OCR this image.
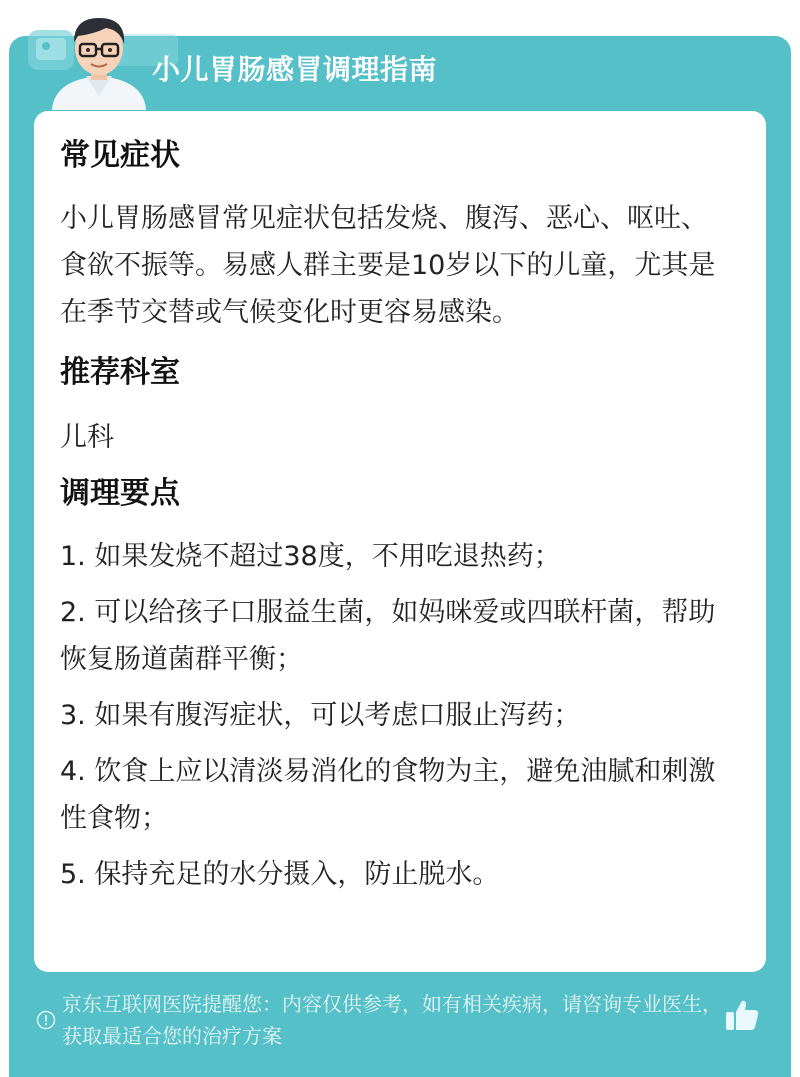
小儿胃肠感冒调理指南
常见症状

小儿胃肠感冒常见症状包括发烧、腹泻、恶心、呕吐、食欲不振等。易感人群主要是10岁以下的儿童，尤其是在季节交替或气候变化时更容易感染。

推荐科室

儿科

调理要点
1. 如果发烧不超过38度，不用吃退热药；
2. 可以给孩子口服益生菌，如妈咪爱或四联杆菌，帮助恢复肠道菌群平衡；
3. 如果有腹泻症状，可以考虑口服止泻药；
4. 饮食上应以清淡易消化的食物为主，避免油腻和刺激性食物；
5. 保持充足的水分摄入，防止脱水。
京东互联网医院提醒您：内容仅供参考，如有相关疾病，请咨询专业医生，获取最适合您的治疗方案
